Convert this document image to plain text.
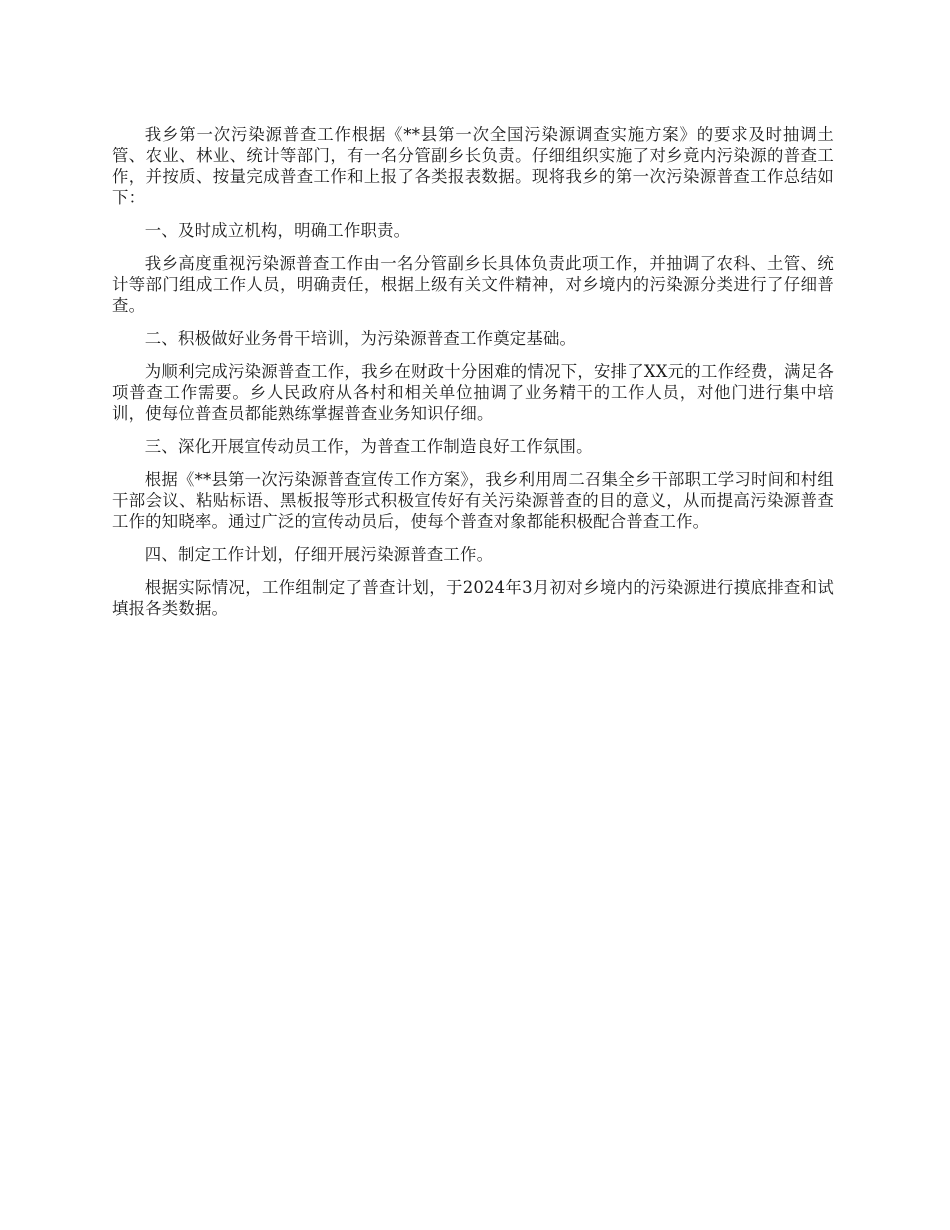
我乡第一次污染源普查工作根据《**县第一次全国污染源调查实施方案》的要求及时抽调土管、农业、林业、统计等部门，有一名分管副乡长负责。仔细组织实施了对乡竟内污染源的普查工作，并按质、按量完成普查工作和上报了各类报表数据。现将我乡的第一次污染源普查工作总结如下：

一、及时成立机构，明确工作职责。

我乡高度重视污染源普查工作由一名分管副乡长具体负责此项工作，并抽调了农科、土管、统计等部门组成工作人员，明确责任，根据上级有关文件精神，对乡境内的污染源分类进行了仔细普查。

二、积极做好业务骨干培训，为污染源普查工作奠定基础。

为顺利完成污染源普查工作，我乡在财政十分困难的情况下，安排了XX元的工作经费，满足各项普查工作需要。乡人民政府从各村和相关单位抽调了业务精干的工作人员，对他门进行集中培训，使每位普查员都能熟练掌握普查业务知识仔细。

三、深化开展宣传动员工作，为普查工作制造良好工作氛围。

根据《**县第一次污染源普查宣传工作方案》，我乡利用周二召集全乡干部职工学习时间和村组干部会议、粘贴标语、黑板报等形式积极宣传好有关污染源普查的目的意义，从而提高污染源普查工作的知晓率。通过广泛的宣传动员后，使每个普查对象都能积极配合普查工作。

四、制定工作计划，仔细开展污染源普查工作。

根据实际情况，工作组制定了普查计划，于2024年3月初对乡境内的污染源进行摸底排查和试填报各类数据。
